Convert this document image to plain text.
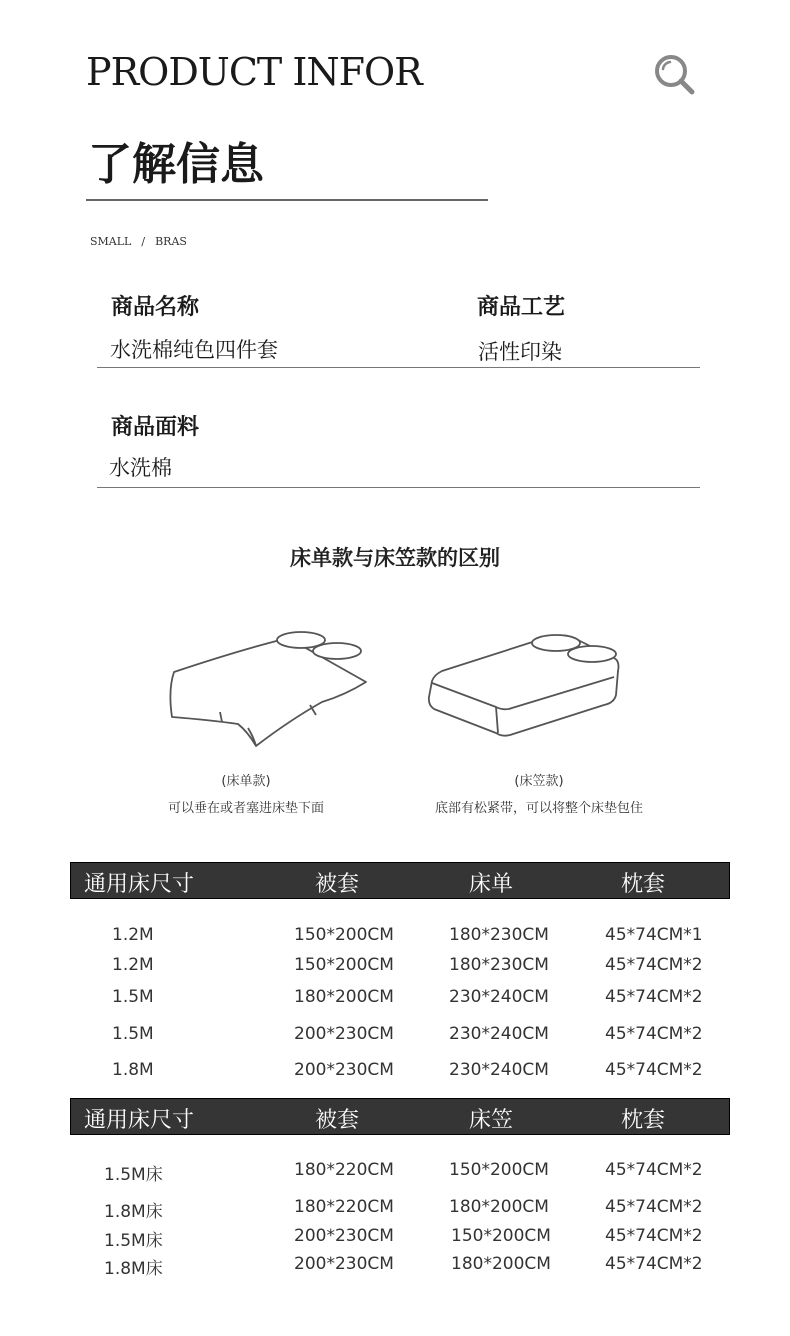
PRODUCT INFOR
了解信息
SMALL / BRAS
商品名称
水洗棉纯色四件套
商品工艺
活性印染
商品面料
水洗棉
床单款与床笠款的区别
(床单款)
可以垂在或者塞进床垫下面
(床笠款)
底部有松紧带，可以将整个床垫包住
通用床尺寸	被套	床单	枕套
1.2M	150*200CM	180*230CM	45*74CM*1
1.2M	150*200CM	180*230CM	45*74CM*2
1.5M	180*200CM	230*240CM	45*74CM*2
1.5M	200*230CM	230*240CM	45*74CM*2
1.8M	200*230CM	230*240CM	45*74CM*2
通用床尺寸	被套	床笠	枕套
1.5M床	180*220CM	150*200CM	45*74CM*2
1.8M床	180*220CM	180*200CM	45*74CM*2
1.5M床	200*230CM	150*200CM	45*74CM*2
1.8M床	200*230CM	180*200CM	45*74CM*2
